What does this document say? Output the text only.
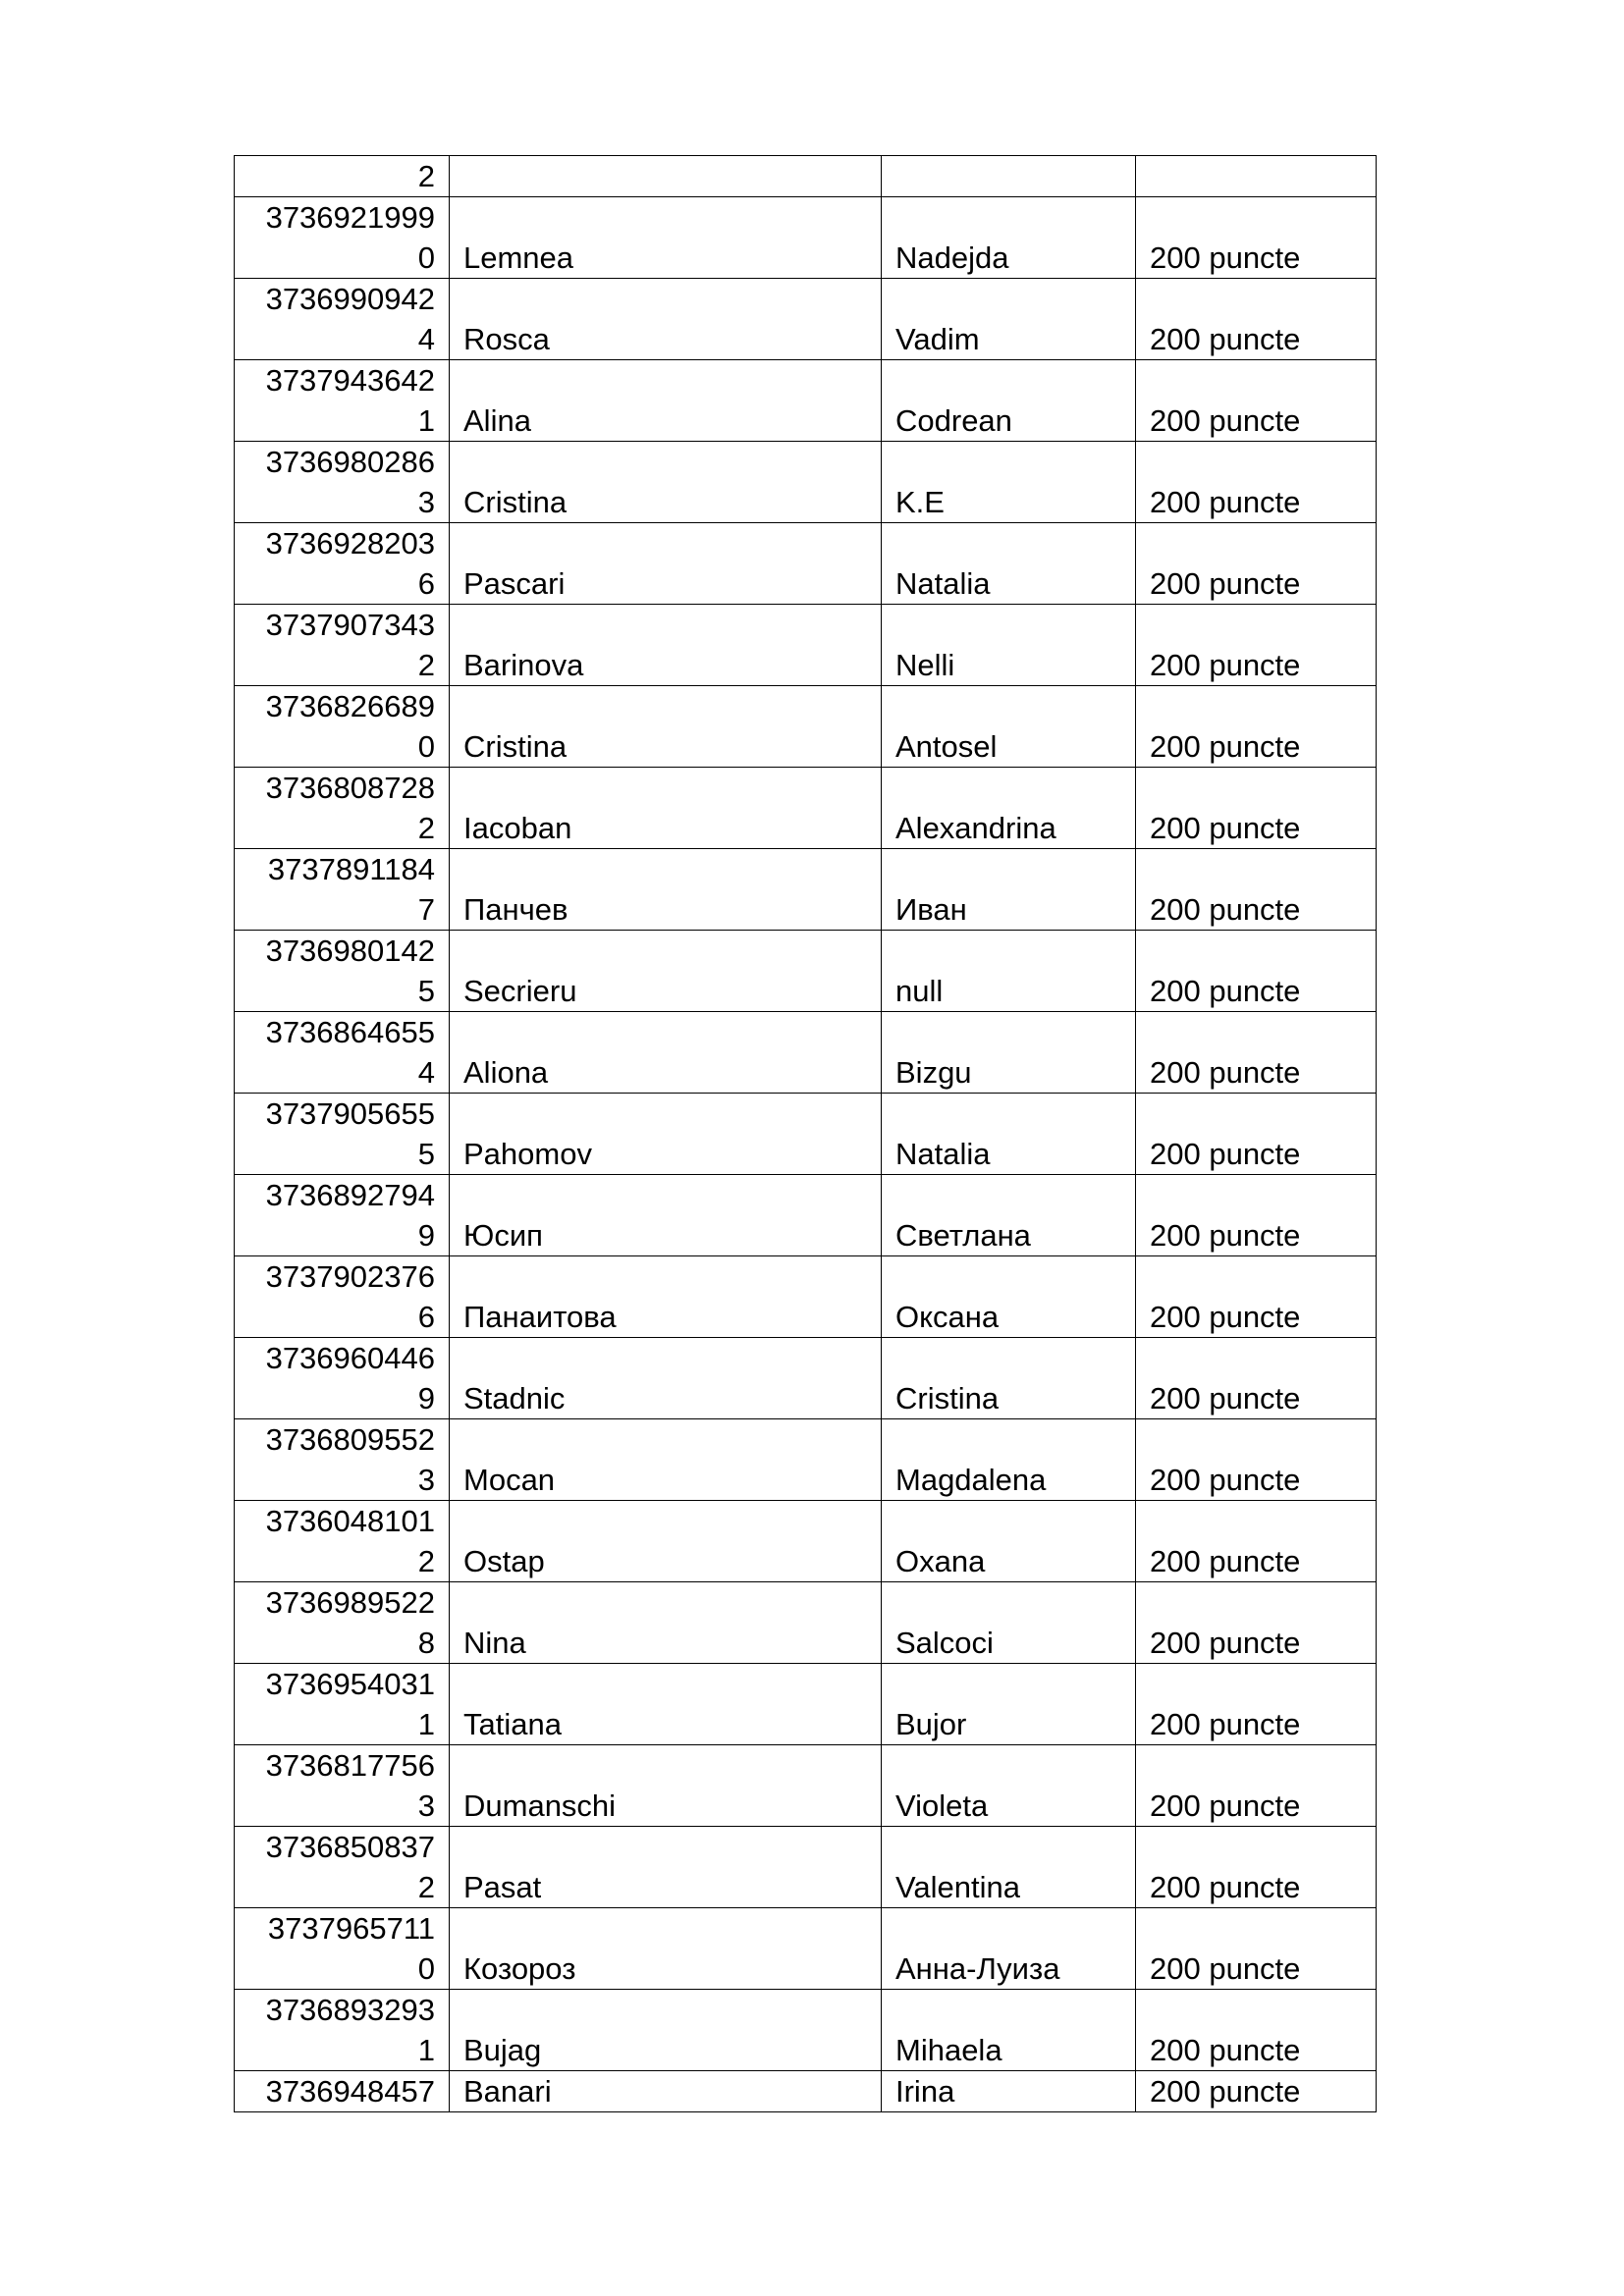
2			

3736921999
0	Lemnea	Nadejda	200 puncte

3736990942
4	Rosca	Vadim	200 puncte

3737943642
1	Alina	Codrean	200 puncte

3736980286
3	Cristina	K.E	200 puncte

3736928203
6	Pascari	Natalia	200 puncte

3737907343
2	Barinova	Nelli	200 puncte

3736826689
0	Cristina	Antosel	200 puncte

3736808728
2	Iacoban	Alexandrina	200 puncte

3737891184
7	Панчев	Иван	200 puncte

3736980142
5	Secrieru	null	200 puncte

3736864655
4	Aliona	Bizgu	200 puncte

3737905655
5	Pahomov	Natalia	200 puncte

3736892794
9	Юсип	Светлана	200 puncte

3737902376
6	Панаитова	Оксана	200 puncte

3736960446
9	Stadnic	Cristina	200 puncte

3736809552
3	Mocan	Magdalena	200 puncte

3736048101
2	Ostap	Oxana	200 puncte

3736989522
8	Nina	Salcoci	200 puncte

3736954031
1	Tatiana	Bujor	200 puncte

3736817756
3	Dumanschi	Violeta	200 puncte

3736850837
2	Pasat	Valentina	200 puncte

3737965711
0	Козороз	Анна-Луиза	200 puncte

3736893293
1	Bujag	Mihaela	200 puncte
3736948457	Banari	Irina	200 puncte
